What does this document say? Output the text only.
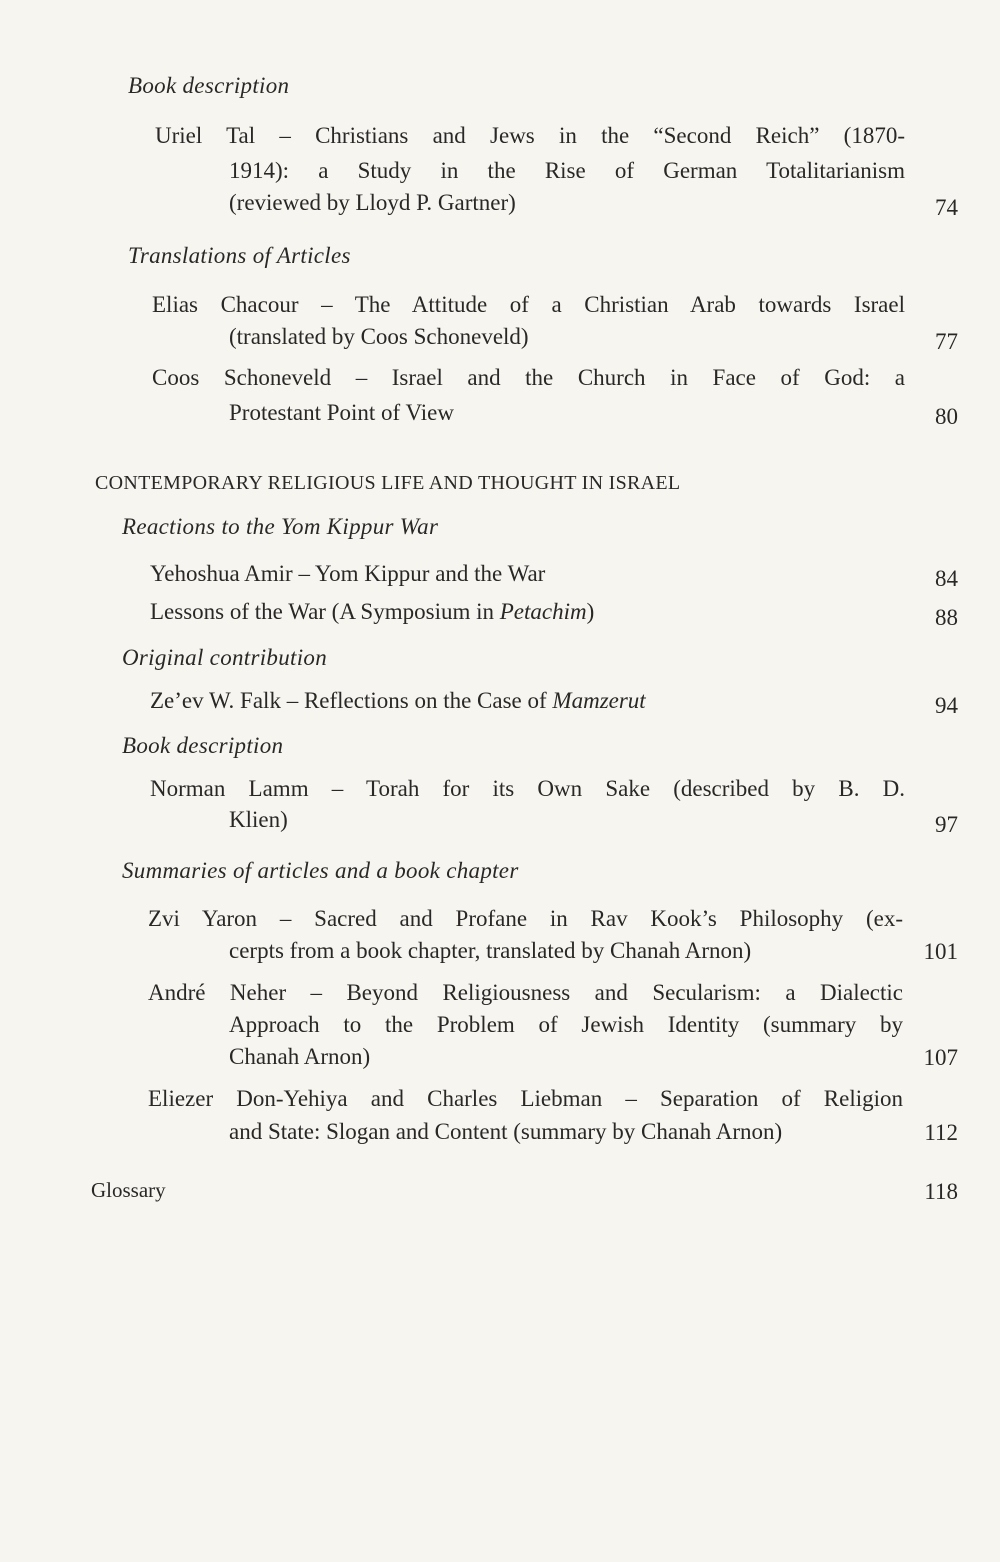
Book description
Uriel Tal – Christians and Jews in the “Second Reich” (1870-
1914): a Study in the Rise of German Totalitarianism
(reviewed by Lloyd P. Gartner)	74
Translations of Articles
Elias Chacour – The Attitude of a Christian Arab towards Israel
(translated by Coos Schoneveld)	77
Coos Schoneveld – Israel and the Church in Face of God: a
Protestant Point of View	80
CONTEMPORARY RELIGIOUS LIFE AND THOUGHT IN ISRAEL
Reactions to the Yom Kippur War
Yehoshua Amir – Yom Kippur and the War	84
Lessons of the War (A Symposium in Petachim)	88
Original contribution
Ze’ev W. Falk – Reflections on the Case of Mamzerut	94
Book description
Norman Lamm – Torah for its Own Sake (described by B. D.
Klien)	97
Summaries of articles and a book chapter
Zvi Yaron – Sacred and Profane in Rav Kook’s Philosophy (ex-
cerpts from a book chapter, translated by Chanah Arnon)	101
André Neher – Beyond Religiousness and Secularism: a Dialectic
Approach to the Problem of Jewish Identity (summary by
Chanah Arnon)	107
Eliezer Don-Yehiya and Charles Liebman – Separation of Religion
and State: Slogan and Content (summary by Chanah Arnon)	112
Glossary	118
